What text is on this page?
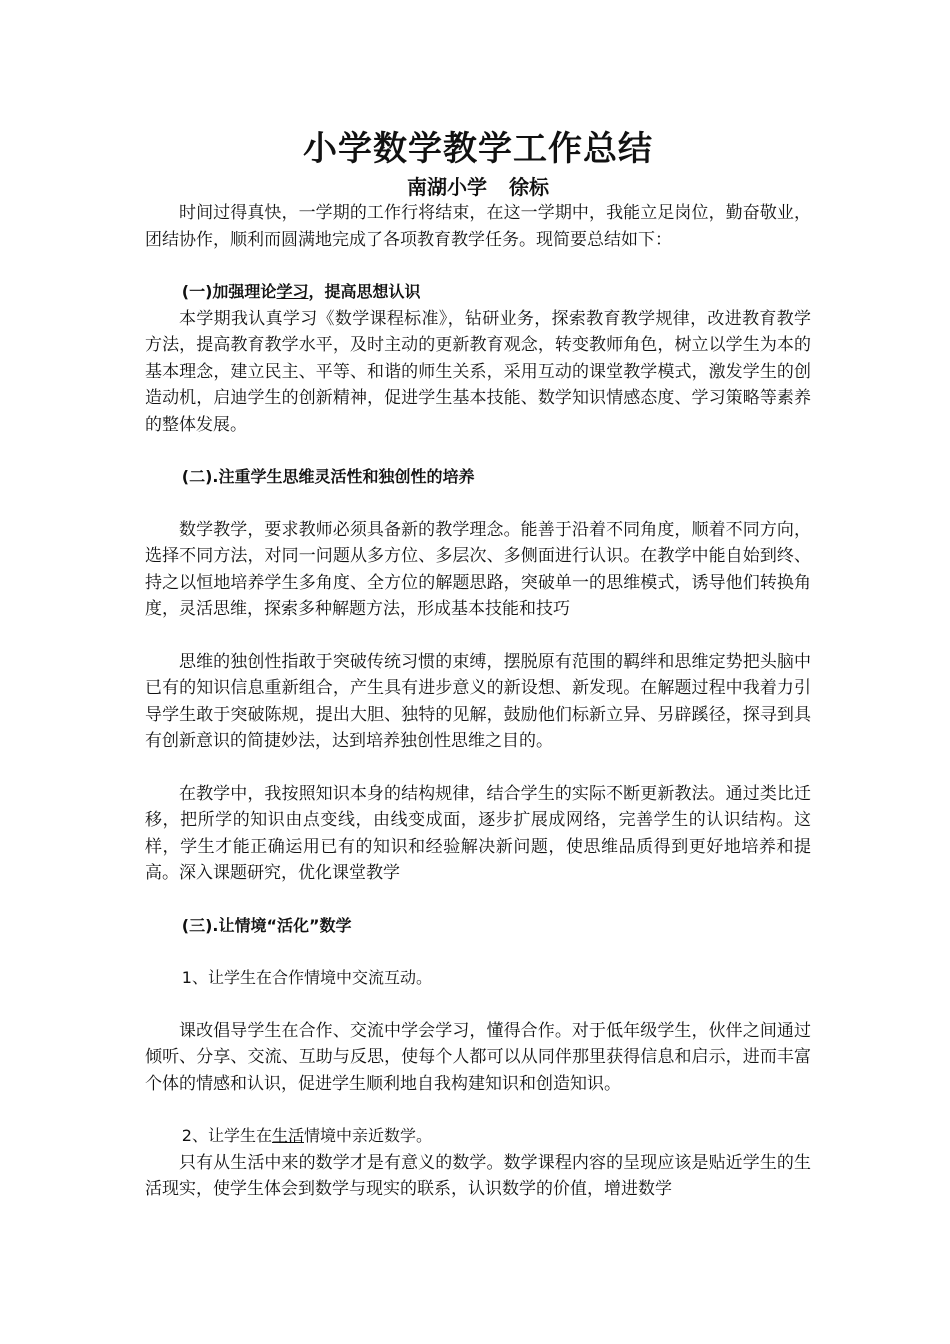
小学数学教学工作总结
南湖小学 徐标

时间过得真快，一学期的工作行将结束，在这一学期中，我能立足岗位，勤奋敬业，团结协作，顺利而圆满地完成了各项教育教学任务。现简要总结如下：

(一)加强理论学习，提高思想认识

本学期我认真学习《数学课程标准》，钻研业务，探索教育教学规律，改进教育教学方法，提高教育教学水平，及时主动的更新教育观念，转变教师角色，树立以学生为本的基本理念，建立民主、平等、和谐的师生关系，采用互动的课堂教学模式，激发学生的创造动机，启迪学生的创新精神，促进学生基本技能、数学知识情感态度、学习策略等素养的整体发展。

(二).注重学生思维灵活性和独创性的培养

数学教学，要求教师必须具备新的教学理念。能善于沿着不同角度，顺着不同方向，选择不同方法，对同一问题从多方位、多层次、多侧面进行认识。在教学中能自始到终、持之以恒地培养学生多角度、全方位的解题思路，突破单一的思维模式，诱导他们转换角度，灵活思维，探索多种解题方法，形成基本技能和技巧

思维的独创性指敢于突破传统习惯的束缚，摆脱原有范围的羁绊和思维定势把头脑中已有的知识信息重新组合，产生具有进步意义的新设想、新发现。在解题过程中我着力引导学生敢于突破陈规，提出大胆、独特的见解，鼓励他们标新立异、另辟蹊径，探寻到具有创新意识的简捷妙法，达到培养独创性思维之目的。

在教学中，我按照知识本身的结构规律，结合学生的实际不断更新教法。通过类比迁移，把所学的知识由点变线，由线变成面，逐步扩展成网络，完善学生的认识结构。这样，学生才能正确运用已有的知识和经验解决新问题，使思维品质得到更好地培养和提高。深入课题研究，优化课堂教学

(三).让情境“活化”数学

1、让学生在合作情境中交流互动。

课改倡导学生在合作、交流中学会学习，懂得合作。对于低年级学生，伙伴之间通过倾听、分享、交流、互助与反思，使每个人都可以从同伴那里获得信息和启示，进而丰富个体的情感和认识，促进学生顺利地自我构建知识和创造知识。

2、让学生在生活情境中亲近数学。

只有从生活中来的数学才是有意义的数学。数学课程内容的呈现应该是贴近学生的生活现实，使学生体会到数学与现实的联系，认识数学的价值，增进数学
